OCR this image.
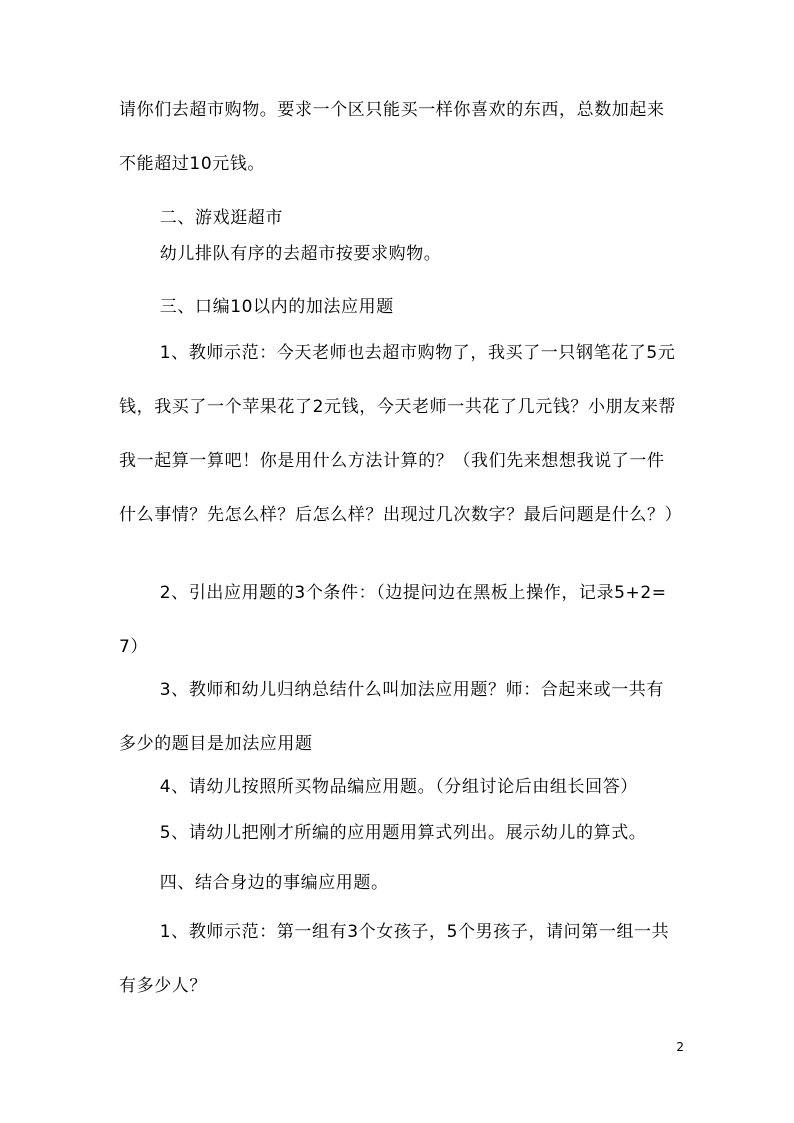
请你们去超市购物。要求一个区只能买一样你喜欢的东西，总数加起来不能超过10元钱。

二、游戏逛超市

幼儿排队有序的去超市按要求购物。

三、口编10以内的加法应用题

1、教师示范：今天老师也去超市购物了，我买了一只钢笔花了5元钱，我买了一个苹果花了2元钱，今天老师一共花了几元钱？小朋友来帮我一起算一算吧！你是用什么方法计算的？（我们先来想想我说了一件什么事情？先怎么样？后怎么样？出现过几次数字？最后问题是什么？）

2、引出应用题的3个条件：（边提问边在黑板上操作，记录5+2=7）

3、教师和幼儿归纳总结什么叫加法应用题？师：合起来或一共有多少的题目是加法应用题

4、请幼儿按照所买物品编应用题。（分组讨论后由组长回答）

5、请幼儿把刚才所编的应用题用算式列出。展示幼儿的算式。

四、结合身边的事编应用题。

1、教师示范：第一组有3个女孩子，5个男孩子，请问第一组一共有多少人？

2
